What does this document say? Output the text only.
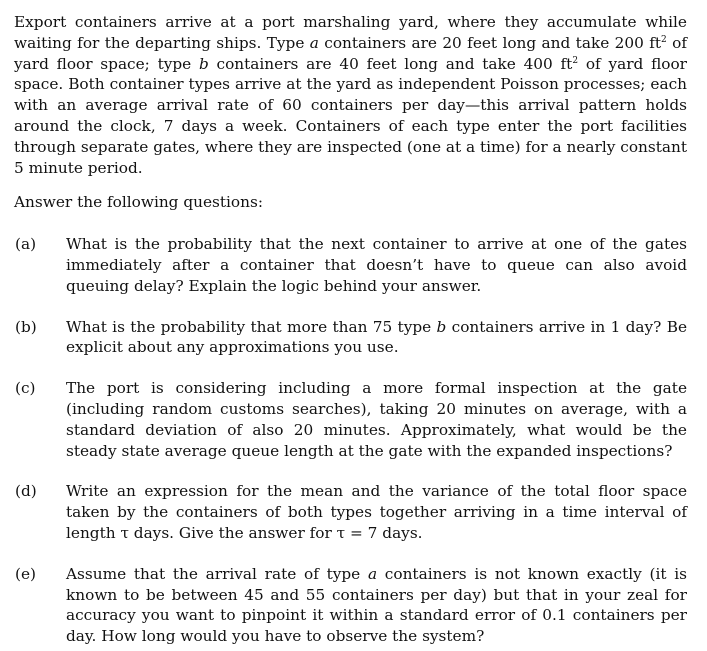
Export containers arrive at a port marshaling yard, where they accumulate while waiting for the departing ships. Type a containers are 20 feet long and take 200 $ft^2$ of yard floor space; type b containers are 40 feet long and take 400 $ft^2$ of yard floor space. Both container types arrive at the yard as independent Poisson processes; each with an average arrival rate of 60 containers per day—this arrival pattern holds around the clock, 7 days a week. Containers of each type enter the port facilities through separate gates, where they are inspected (one at a time) for a nearly constant 5 minute period.

Answer the following questions:

(a)	What is the probability that the next container to arrive at one of the gates immediately after a container that doesn’t have to queue can also avoid queuing delay? Explain the logic behind your answer.
(b)	What is the probability that more than 75 type b containers arrive in 1 day? Be explicit about any approximations you use.
(c)	The port is considering including a more formal inspection at the gate (including random customs searches), taking 20 minutes on average, with a standard deviation of also 20 minutes. Approximately, what would be the steady state average queue length at the gate with the expanded inspections?
(d)	Write an expression for the mean and the variance of the total floor space taken by the containers of both types together arriving in a time interval of length τ days. Give the answer for τ = 7 days.
(e)	Assume that the arrival rate of type a containers is not known exactly (it is known to be between 45 and 55 containers per day) but that in your zeal for accuracy you want to pinpoint it within a standard error of 0.1 containers per day. How long would you have to observe the system?
